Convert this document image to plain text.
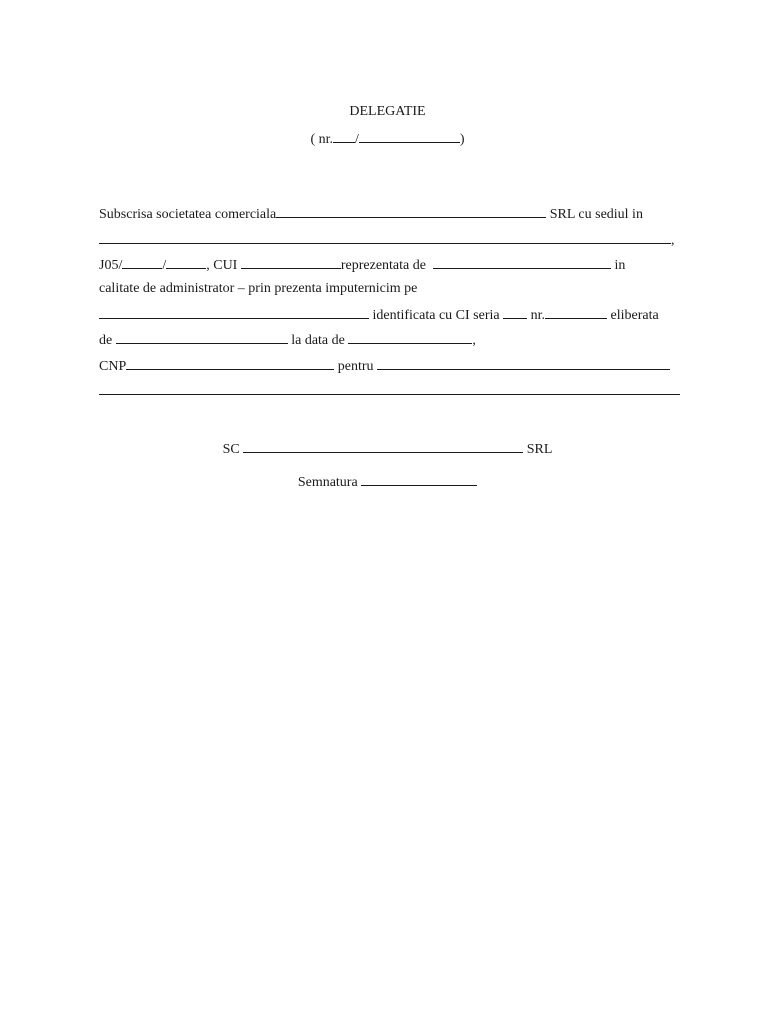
DELEGATIE

( nr. /	)

Subscrisa societatea comerciala	SRL cu sediul in

,

J05/	/	, CUI	reprezentata de	in

calitate de administrator – prin prezenta imputernicim pe

identificata cu CI seria  nr.	eliberata

de	la data de	,

CNP	pentru

SC	SRL

Semnatura
